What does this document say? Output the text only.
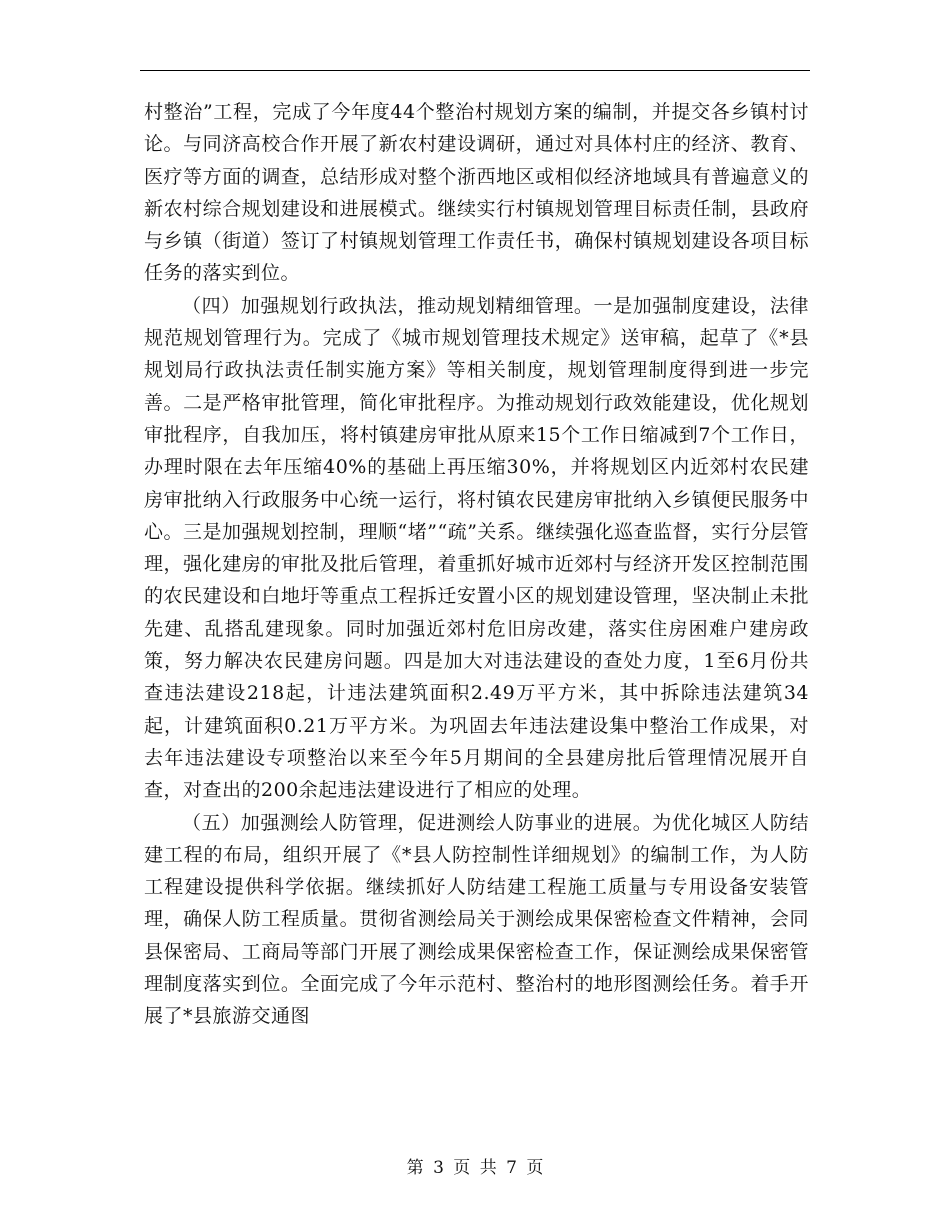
村整治”工程，完成了今年度44个整治村规划方案的编制，并提交各乡镇村讨论。与同济高校合作开展了新农村建设调研，通过对具体村庄的经济、教育、医疗等方面的调查，总结形成对整个浙西地区或相似经济地域具有普遍意义的新农村综合规划建设和进展模式。继续实行村镇规划管理目标责任制，县政府与乡镇（街道）签订了村镇规划管理工作责任书，确保村镇规划建设各项目标任务的落实到位。

（四）加强规划行政执法，推动规划精细管理。一是加强制度建设，法律规范规划管理行为。完成了《城市规划管理技术规定》送审稿，起草了《*县规划局行政执法责任制实施方案》等相关制度，规划管理制度得到进一步完善。二是严格审批管理，简化审批程序。为推动规划行政效能建设，优化规划审批程序，自我加压，将村镇建房审批从原来15个工作日缩减到7个工作日，办理时限在去年压缩40%的基础上再压缩30%，并将规划区内近郊村农民建房审批纳入行政服务中心统一运行，将村镇农民建房审批纳入乡镇便民服务中心。三是加强规划控制，理顺“堵”“疏”关系。继续强化巡查监督，实行分层管理，强化建房的审批及批后管理，着重抓好城市近郊村与经济开发区控制范围的农民建设和白地圩等重点工程拆迁安置小区的规划建设管理，坚决制止未批先建、乱搭乱建现象。同时加强近郊村危旧房改建，落实住房困难户建房政策，努力解决农民建房问题。四是加大对违法建设的查处力度，1至6月份共查违法建设218起，计违法建筑面积2.49万平方米，其中拆除违法建筑34起，计建筑面积0.21万平方米。为巩固去年违法建设集中整治工作成果，对去年违法建设专项整治以来至今年5月期间的全县建房批后管理情况展开自查，对查出的200余起违法建设进行了相应的处理。

（五）加强测绘人防管理，促进测绘人防事业的进展。为优化城区人防结建工程的布局，组织开展了《*县人防控制性详细规划》的编制工作，为人防工程建设提供科学依据。继续抓好人防结建工程施工质量与专用设备安装管理，确保人防工程质量。贯彻省测绘局关于测绘成果保密检查文件精神，会同县保密局、工商局等部门开展了测绘成果保密检查工作，保证测绘成果保密管理制度落实到位。全面完成了今年示范村、整治村的地形图测绘任务。着手开展了*县旅游交通图

第 3 页 共 7 页
